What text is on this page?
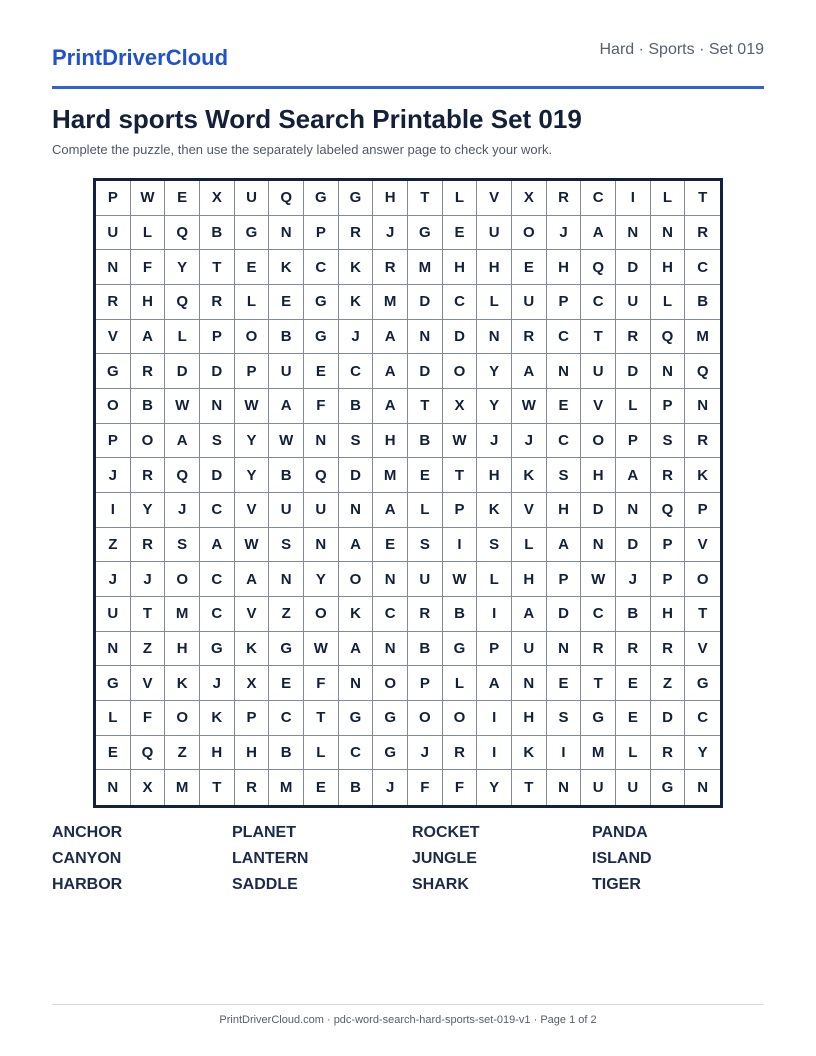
PrintDriverCloud	Hard · Sports · Set 019
Hard sports Word Search Printable Set 019
Complete the puzzle, then use the separately labeled answer page to check your work.
P	W	E	X	U	Q	G	G	H	T	L	V	X	R	C	I	L	T
U	L	Q	B	G	N	P	R	J	G	E	U	O	J	A	N	N	R
N	F	Y	T	E	K	C	K	R	M	H	H	E	H	Q	D	H	C
R	H	Q	R	L	E	G	K	M	D	C	L	U	P	C	U	L	B
V	A	L	P	O	B	G	J	A	N	D	N	R	C	T	R	Q	M
G	R	D	D	P	U	E	C	A	D	O	Y	A	N	U	D	N	Q
O	B	W	N	W	A	F	B	A	T	X	Y	W	E	V	L	P	N
P	O	A	S	Y	W	N	S	H	B	W	J	J	C	O	P	S	R
J	R	Q	D	Y	B	Q	D	M	E	T	H	K	S	H	A	R	K
I	Y	J	C	V	U	U	N	A	L	P	K	V	H	D	N	Q	P
Z	R	S	A	W	S	N	A	E	S	I	S	L	A	N	D	P	V
J	J	O	C	A	N	Y	O	N	U	W	L	H	P	W	J	P	O
U	T	M	C	V	Z	O	K	C	R	B	I	A	D	C	B	H	T
N	Z	H	G	K	G	W	A	N	B	G	P	U	N	R	R	R	V
G	V	K	J	X	E	F	N	O	P	L	A	N	E	T	E	Z	G
L	F	O	K	P	C	T	G	G	O	O	I	H	S	G	E	D	C
E	Q	Z	H	H	B	L	C	G	J	R	I	K	I	M	L	R	Y
N	X	M	T	R	M	E	B	J	F	F	Y	T	N	U	U	G	N
ANCHOR	PLANET	ROCKET	PANDA
CANYON	LANTERN	JUNGLE	ISLAND
HARBOR	SADDLE	SHARK	TIGER
PrintDriverCloud.com · pdc-word-search-hard-sports-set-019-v1 · Page 1 of 2
